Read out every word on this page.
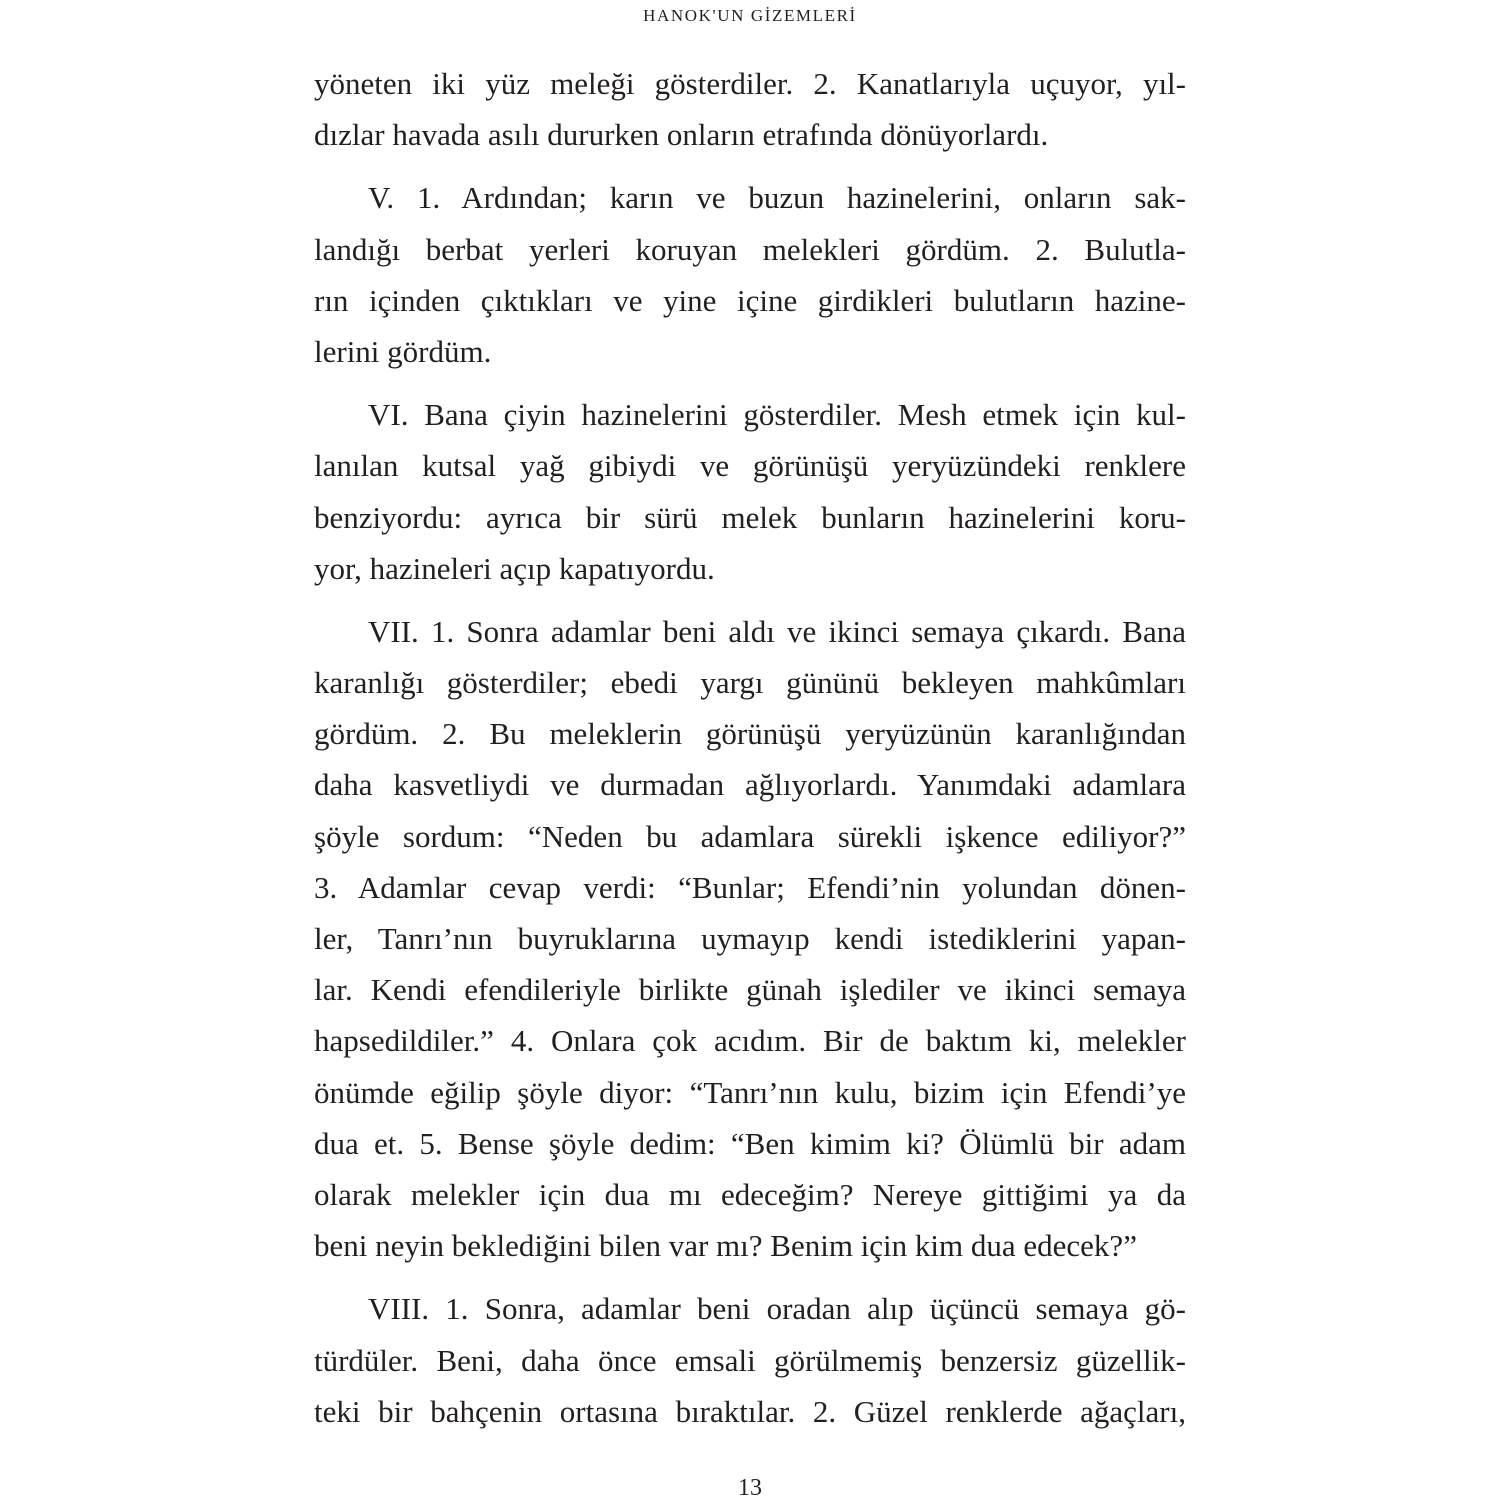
HANOK'UN GİZEMLERİ
yöneten iki yüz meleği gösterdiler. 2. Kanatlarıyla uçuyor, yıl-
dızlar havada asılı dururken onların etrafında dönüyorlardı.
V. 1. Ardından; karın ve buzun hazinelerini, onların sak-
landığı berbat yerleri koruyan melekleri gördüm. 2. Bulutla-
rın içinden çıktıkları ve yine içine girdikleri bulutların hazine-
lerini gördüm.
VI. Bana çiyin hazinelerini gösterdiler. Mesh etmek için kul-
lanılan kutsal yağ gibiydi ve görünüşü yeryüzündeki renklere
benziyordu: ayrıca bir sürü melek bunların hazinelerini koru-
yor, hazineleri açıp kapatıyordu.
VII. 1. Sonra adamlar beni aldı ve ikinci semaya çıkardı. Bana
karanlığı gösterdiler; ebedi yargı gününü bekleyen mahkûmları
gördüm. 2. Bu meleklerin görünüşü yeryüzünün karanlığından
daha kasvetliydi ve durmadan ağlıyorlardı. Yanımdaki adamlara
şöyle sordum: “Neden bu adamlara sürekli işkence ediliyor?”
3. Adamlar cevap verdi: “Bunlar; Efendi’nin yolundan dönen-
ler, Tanrı’nın buyruklarına uymayıp kendi istediklerini yapan-
lar. Kendi efendileriyle birlikte günah işlediler ve ikinci semaya
hapsedildiler.” 4. Onlara çok acıdım. Bir de baktım ki, melekler
önümde eğilip şöyle diyor: “Tanrı’nın kulu, bizim için Efendi’ye
dua et. 5. Bense şöyle dedim: “Ben kimim ki? Ölümlü bir adam
olarak melekler için dua mı edeceğim? Nereye gittiğimi ya da
beni neyin beklediğini bilen var mı? Benim için kim dua edecek?”
VIII. 1. Sonra, adamlar beni oradan alıp üçüncü semaya gö-
türdüler. Beni, daha önce emsali görülmemiş benzersiz güzellik-
teki bir bahçenin ortasına bıraktılar. 2. Güzel renklerde ağaçları,
13
